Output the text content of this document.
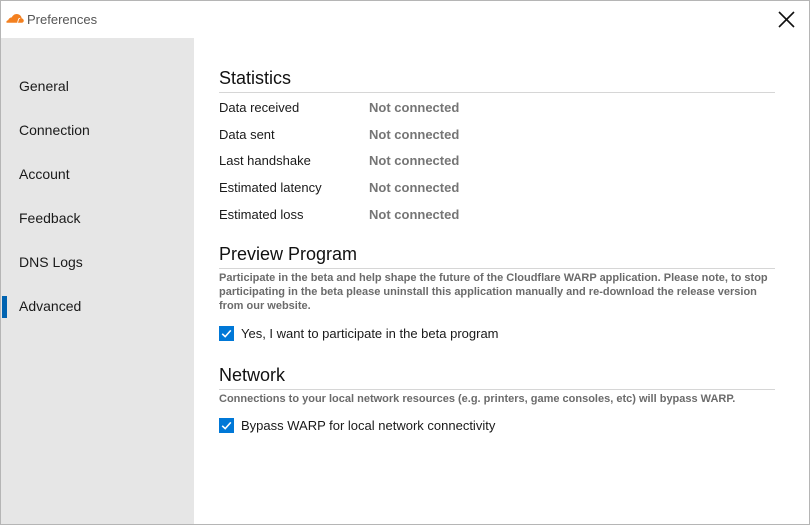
Preferences
General
Connection
Account
Feedback
DNS Logs
Advanced
Statistics
Data received	Not connected
Data sent	Not connected
Last handshake	Not connected
Estimated latency	Not connected
Estimated loss	Not connected
Preview Program
Participate in the beta and help shape the future of the Cloudflare WARP application. Please note, to stop participating in the beta please uninstall this application manually and re-download the release version from our website.
Yes, I want to participate in the beta program
Network
Connections to your local network resources (e.g. printers, game consoles, etc) will bypass WARP.
Bypass WARP for local network connectivity
